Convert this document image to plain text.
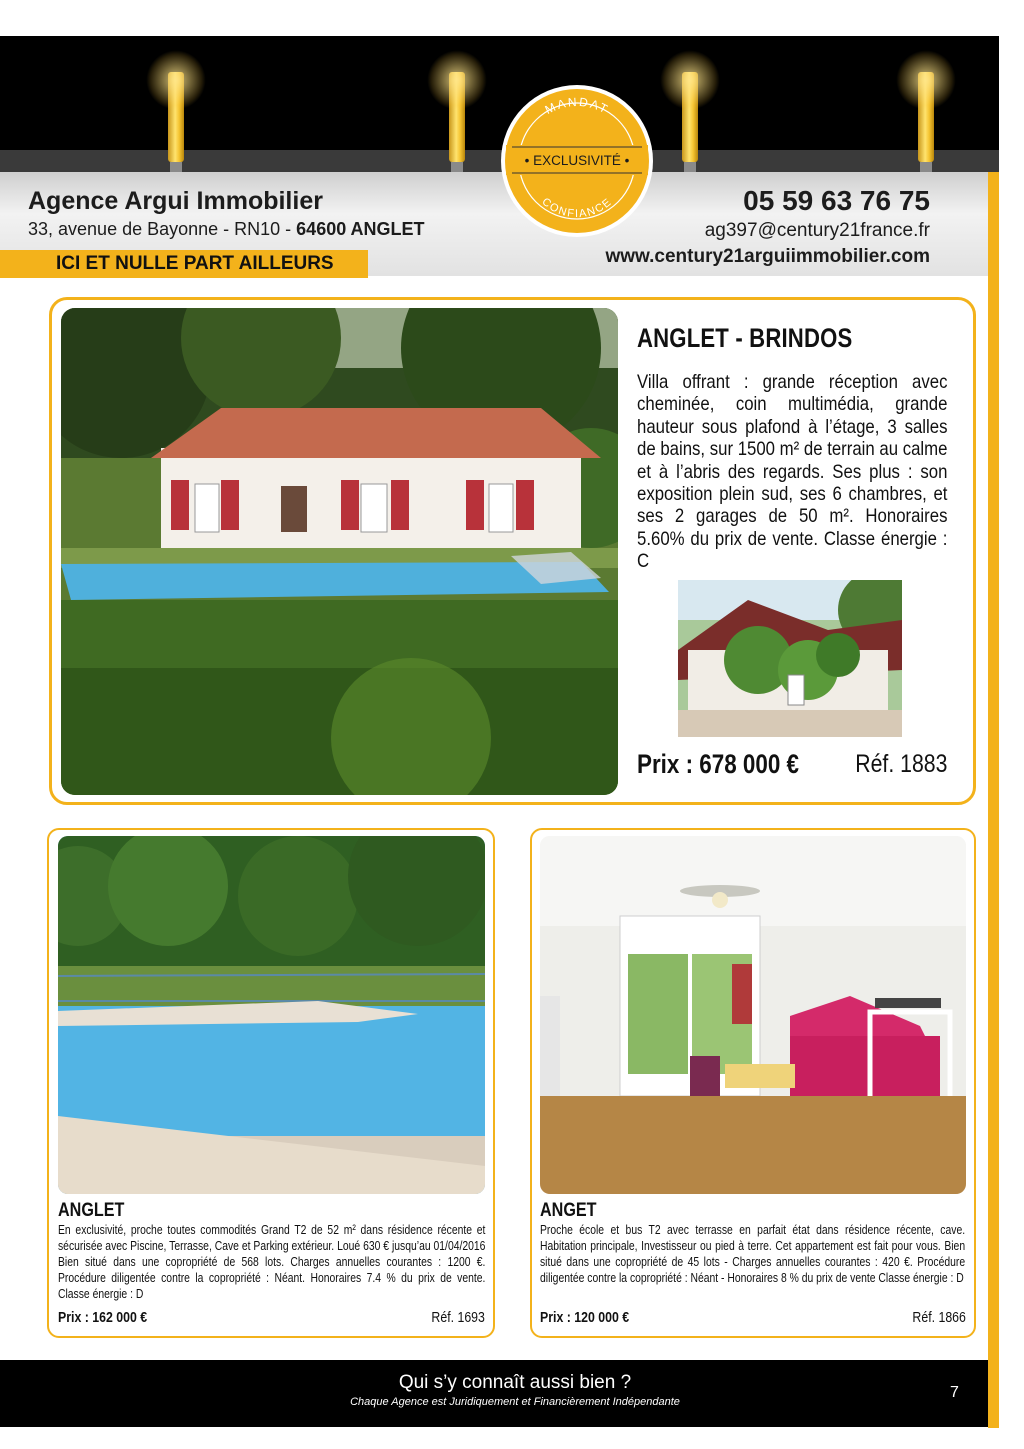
Agence Argui Immobilier
33, avenue de Bayonne - RN10 - 64600 ANGLET
ICI ET NULLE PART AILLEURS
05 59 63 76 75
ag397@century21france.fr
www.century21arguiimmobilier.com
MANDAT
• EXCLUSIVITÉ •
CONFIANCE
ANGLET - BRINDOS
Villa offrant : grande réception avec cheminée, coin multimédia, grande hauteur sous plafond à l’étage, 3 salles de bains, sur 1500 m² de terrain au calme et à l’abris des regards. Ses plus : son exposition plein sud, ses 6 chambres, et ses 2 garages de 50 m². Honoraires 5.60% du prix de vente. Classe énergie : C
Prix : 678 000 € Réf. 1883
ANGLET
En exclusivité, proche toutes commodités Grand T2 de 52 m² dans résidence récente et sécurisée avec Piscine, Terrasse, Cave et Parking extérieur. Loué 630 € jusqu’au 01/04/2016 Bien situé dans une copropriété de 568 lots. Charges annuelles courantes : 1200 €. Procédure diligentée contre la copropriété : Néant. Honoraires 7.4 % du prix de vente. Classe énergie : D
Prix : 162 000 €	Réf. 1693
ANGET
Proche école et bus T2 avec terrasse en parfait état dans résidence récente, cave. Habitation principale, Investisseur ou pied à terre. Cet appartement est fait pour vous. Bien situé dans une copropriété de 45 lots - Charges annuelles courantes : 420 €. Procédure diligentée contre la copropriété : Néant - Honoraires 8 % du prix de vente Classe énergie : D
Prix : 120 000 €	Réf. 1866
Qui s’y connaît aussi bien ?
Chaque Agence est Juridiquement et Financièrement Indépendante
7
